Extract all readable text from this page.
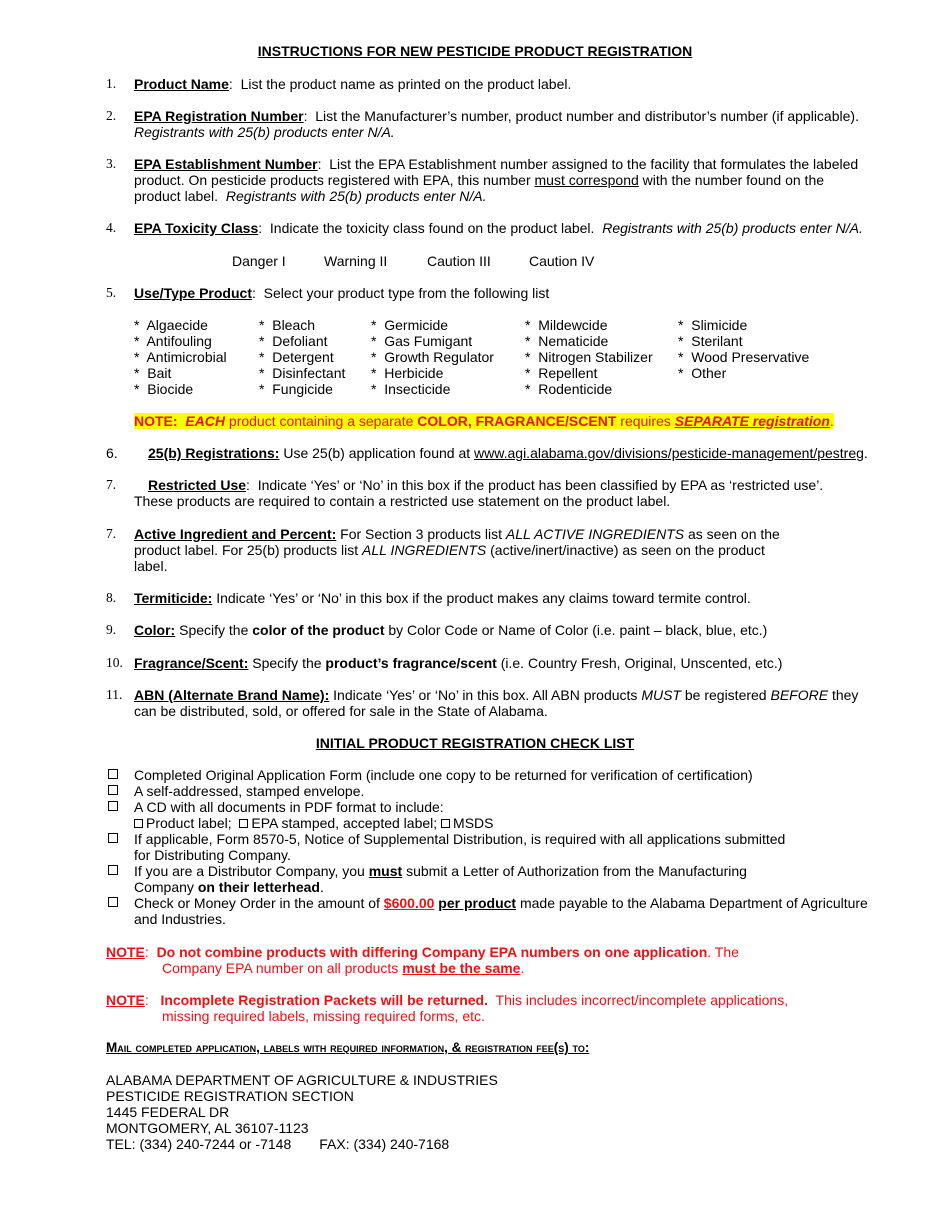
INSTRUCTIONS FOR NEW PESTICIDE PRODUCT REGISTRATION
1. Product Name:  List the product name as printed on the product label.
2. EPA Registration Number:  List the Manufacturer’s number, product number and distributor’s number (if applicable).
Registrants with 25(b) products enter N/A.
3. EPA Establishment Number:  List the EPA Establishment number assigned to the facility that formulates the labeled
product. On pesticide products registered with EPA, this number must correspond with the number found on the
product label. Registrants with 25(b) products enter N/A.
4. EPA Toxicity Class:  Indicate the toxicity class found on the product label. Registrants with 25(b) products enter N/A.
Danger I	Warning II	Caution III	Caution IV
5. Use/Type Product:  Select your product type from the following list
* Algaecide
* Antifouling
* Antimicrobial
* Bait
* Biocide
* Bleach
* Defoliant
* Detergent
* Disinfectant
* Fungicide
* Germicide
* Gas Fumigant
* Growth Regulator
* Herbicide
* Insecticide
* Mildewcide
* Nematicide
* Nitrogen Stabilizer
* Repellent
* Rodenticide
* Slimicide
* Sterilant
* Wood Preservative
* Other
NOTE: EACH product containing a separate COLOR, FRAGRANCE/SCENT requires SEPARATE registration.
6. 25(b) Registrations: Use 25(b) application found at www.agi.alabama.gov/divisions/pesticide-management/pestreg.
7. Restricted Use:  Indicate ‘Yes’ or ‘No’ in this box if the product has been classified by EPA as ‘restricted use’.
These products are required to contain a restricted use statement on the product label.
7. Active Ingredient and Percent: For Section 3 products list ALL ACTIVE INGREDIENTS as seen on the
product label. For 25(b) products list ALL INGREDIENTS (active/inert/inactive) as seen on the product
label.
8. Termiticide: Indicate ‘Yes’ or ‘No’ in this box if the product makes any claims toward termite control.
9. Color: Specify the color of the product by Color Code or Name of Color (i.e. paint – black, blue, etc.)
10. Fragrance/Scent: Specify the product’s fragrance/scent (i.e. Country Fresh, Original, Unscented, etc.)
11. ABN (Alternate Brand Name): Indicate ‘Yes’ or ‘No’ in this box. All ABN products MUST be registered BEFORE they
can be distributed, sold, or offered for sale in the State of Alabama.
INITIAL PRODUCT REGISTRATION CHECK LIST
Completed Original Application Form (include one copy to be returned for verification of certification)
A self-addressed, stamped envelope.
A CD with all documents in PDF format to include:
Product label; EPA stamped, accepted label; MSDS
If applicable, Form 8570-5, Notice of Supplemental Distribution, is required with all applications submitted
for Distributing Company.
If you are a Distributor Company, you must submit a Letter of Authorization from the Manufacturing
Company on their letterhead.
Check or Money Order in the amount of $600.00 per product made payable to the Alabama Department of Agriculture
and Industries.
NOTE:  Do not combine products with differing Company EPA numbers on one application. The
Company EPA number on all products must be the same.
NOTE:   Incomplete Registration Packets will be returned. This includes incorrect/incomplete applications,
missing required labels, missing required forms, etc.
Mail completed application, labels with required information, & registration fee(s) to:
ALABAMA DEPARTMENT OF AGRICULTURE & INDUSTRIES
PESTICIDE REGISTRATION SECTION
1445 FEDERAL DR
MONTGOMERY, AL 36107-1123
TEL: (334) 240-7244 or -7148 FAX: (334) 240-7168
